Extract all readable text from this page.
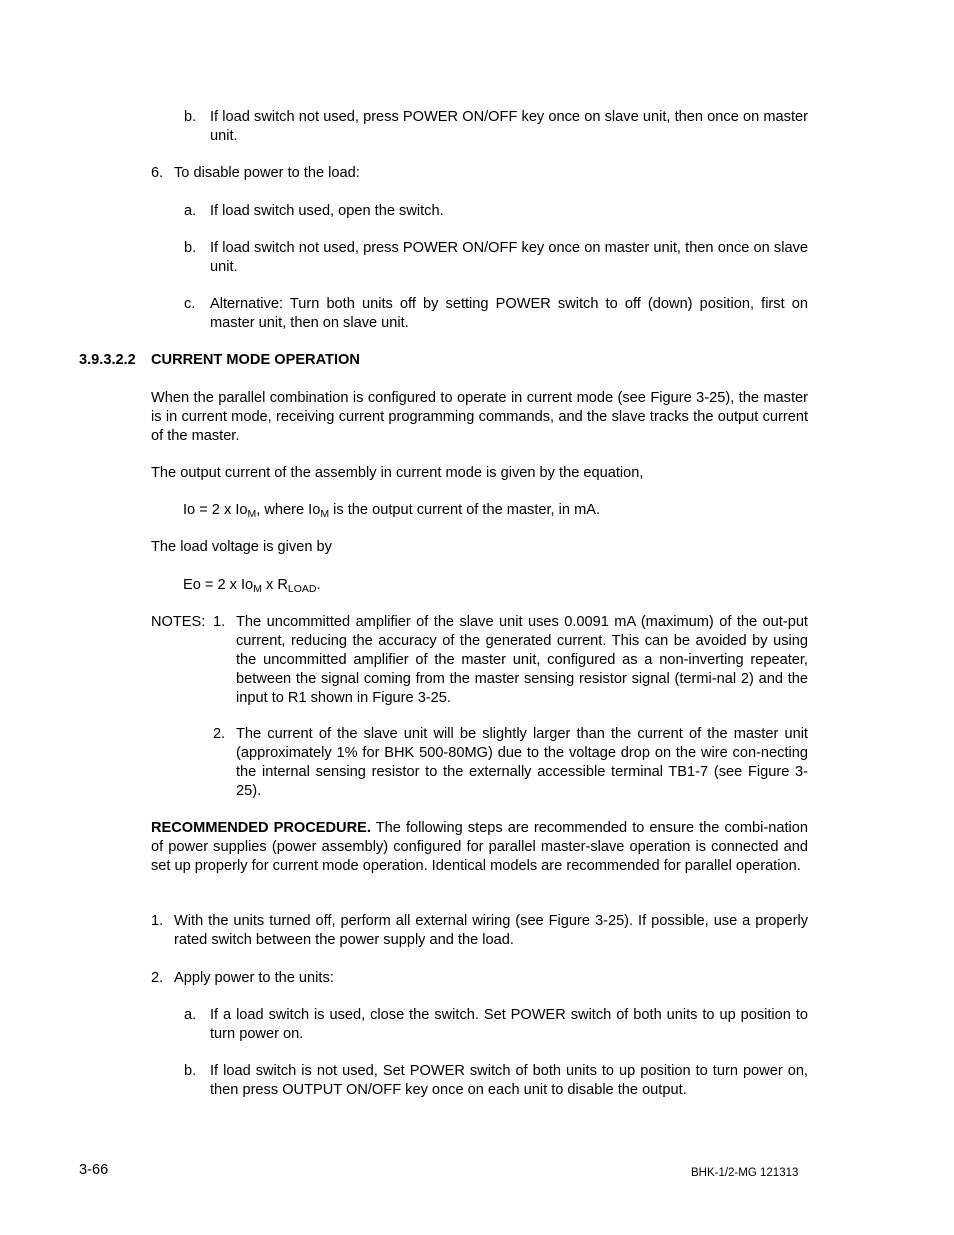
b. If load switch not used, press POWER ON/OFF key once on slave unit, then once on master unit.
6. To disable power to the load:
a. If load switch used, open the switch.
b. If load switch not used, press POWER ON/OFF key once on master unit, then once on slave unit.
c. Alternative: Turn both units off by setting POWER switch to off (down) position, first on master unit, then on slave unit.
3.9.3.2.2 CURRENT MODE OPERATION
When the parallel combination is configured to operate in current mode (see Figure 3-25), the master is in current mode, receiving current programming commands, and the slave tracks the output current of the master.
The output current of the assembly in current mode is given by the equation,
Io = 2 x $Io_M$, where $Io_M$ is the output current of the master, in mA.
The load voltage is given by
Eo = 2 x $Io_M$ x $R_{LOAD}$.
NOTES: 1. The uncommitted amplifier of the slave unit uses 0.0091 mA (maximum) of the out-put current, reducing the accuracy of the generated current. This can be avoided by using the uncommitted amplifier of the master unit, configured as a non-inverting repeater, between the signal coming from the master sensing resistor signal (termi-nal 2) and the input to R1 shown in Figure 3-25.
2. The current of the slave unit will be slightly larger than the current of the master unit (approximately 1% for BHK 500-80MG) due to the voltage drop on the wire con-necting the internal sensing resistor to the externally accessible terminal TB1-7 (see Figure 3-25).
RECOMMENDED PROCEDURE. The following steps are recommended to ensure the combi-nation of power supplies (power assembly) configured for parallel master-slave operation is connected and set up properly for current mode operation. Identical models are recommended for parallel operation.
1. With the units turned off, perform all external wiring (see Figure 3-25). If possible, use a properly rated switch between the power supply and the load.
2. Apply power to the units:
a. If a load switch is used, close the switch. Set POWER switch of both units to up position to turn power on.
b. If load switch is not used, Set POWER switch of both units to up position to turn power on, then press OUTPUT ON/OFF key once on each unit to disable the output.
3-66	BHK-1/2-MG 121313
